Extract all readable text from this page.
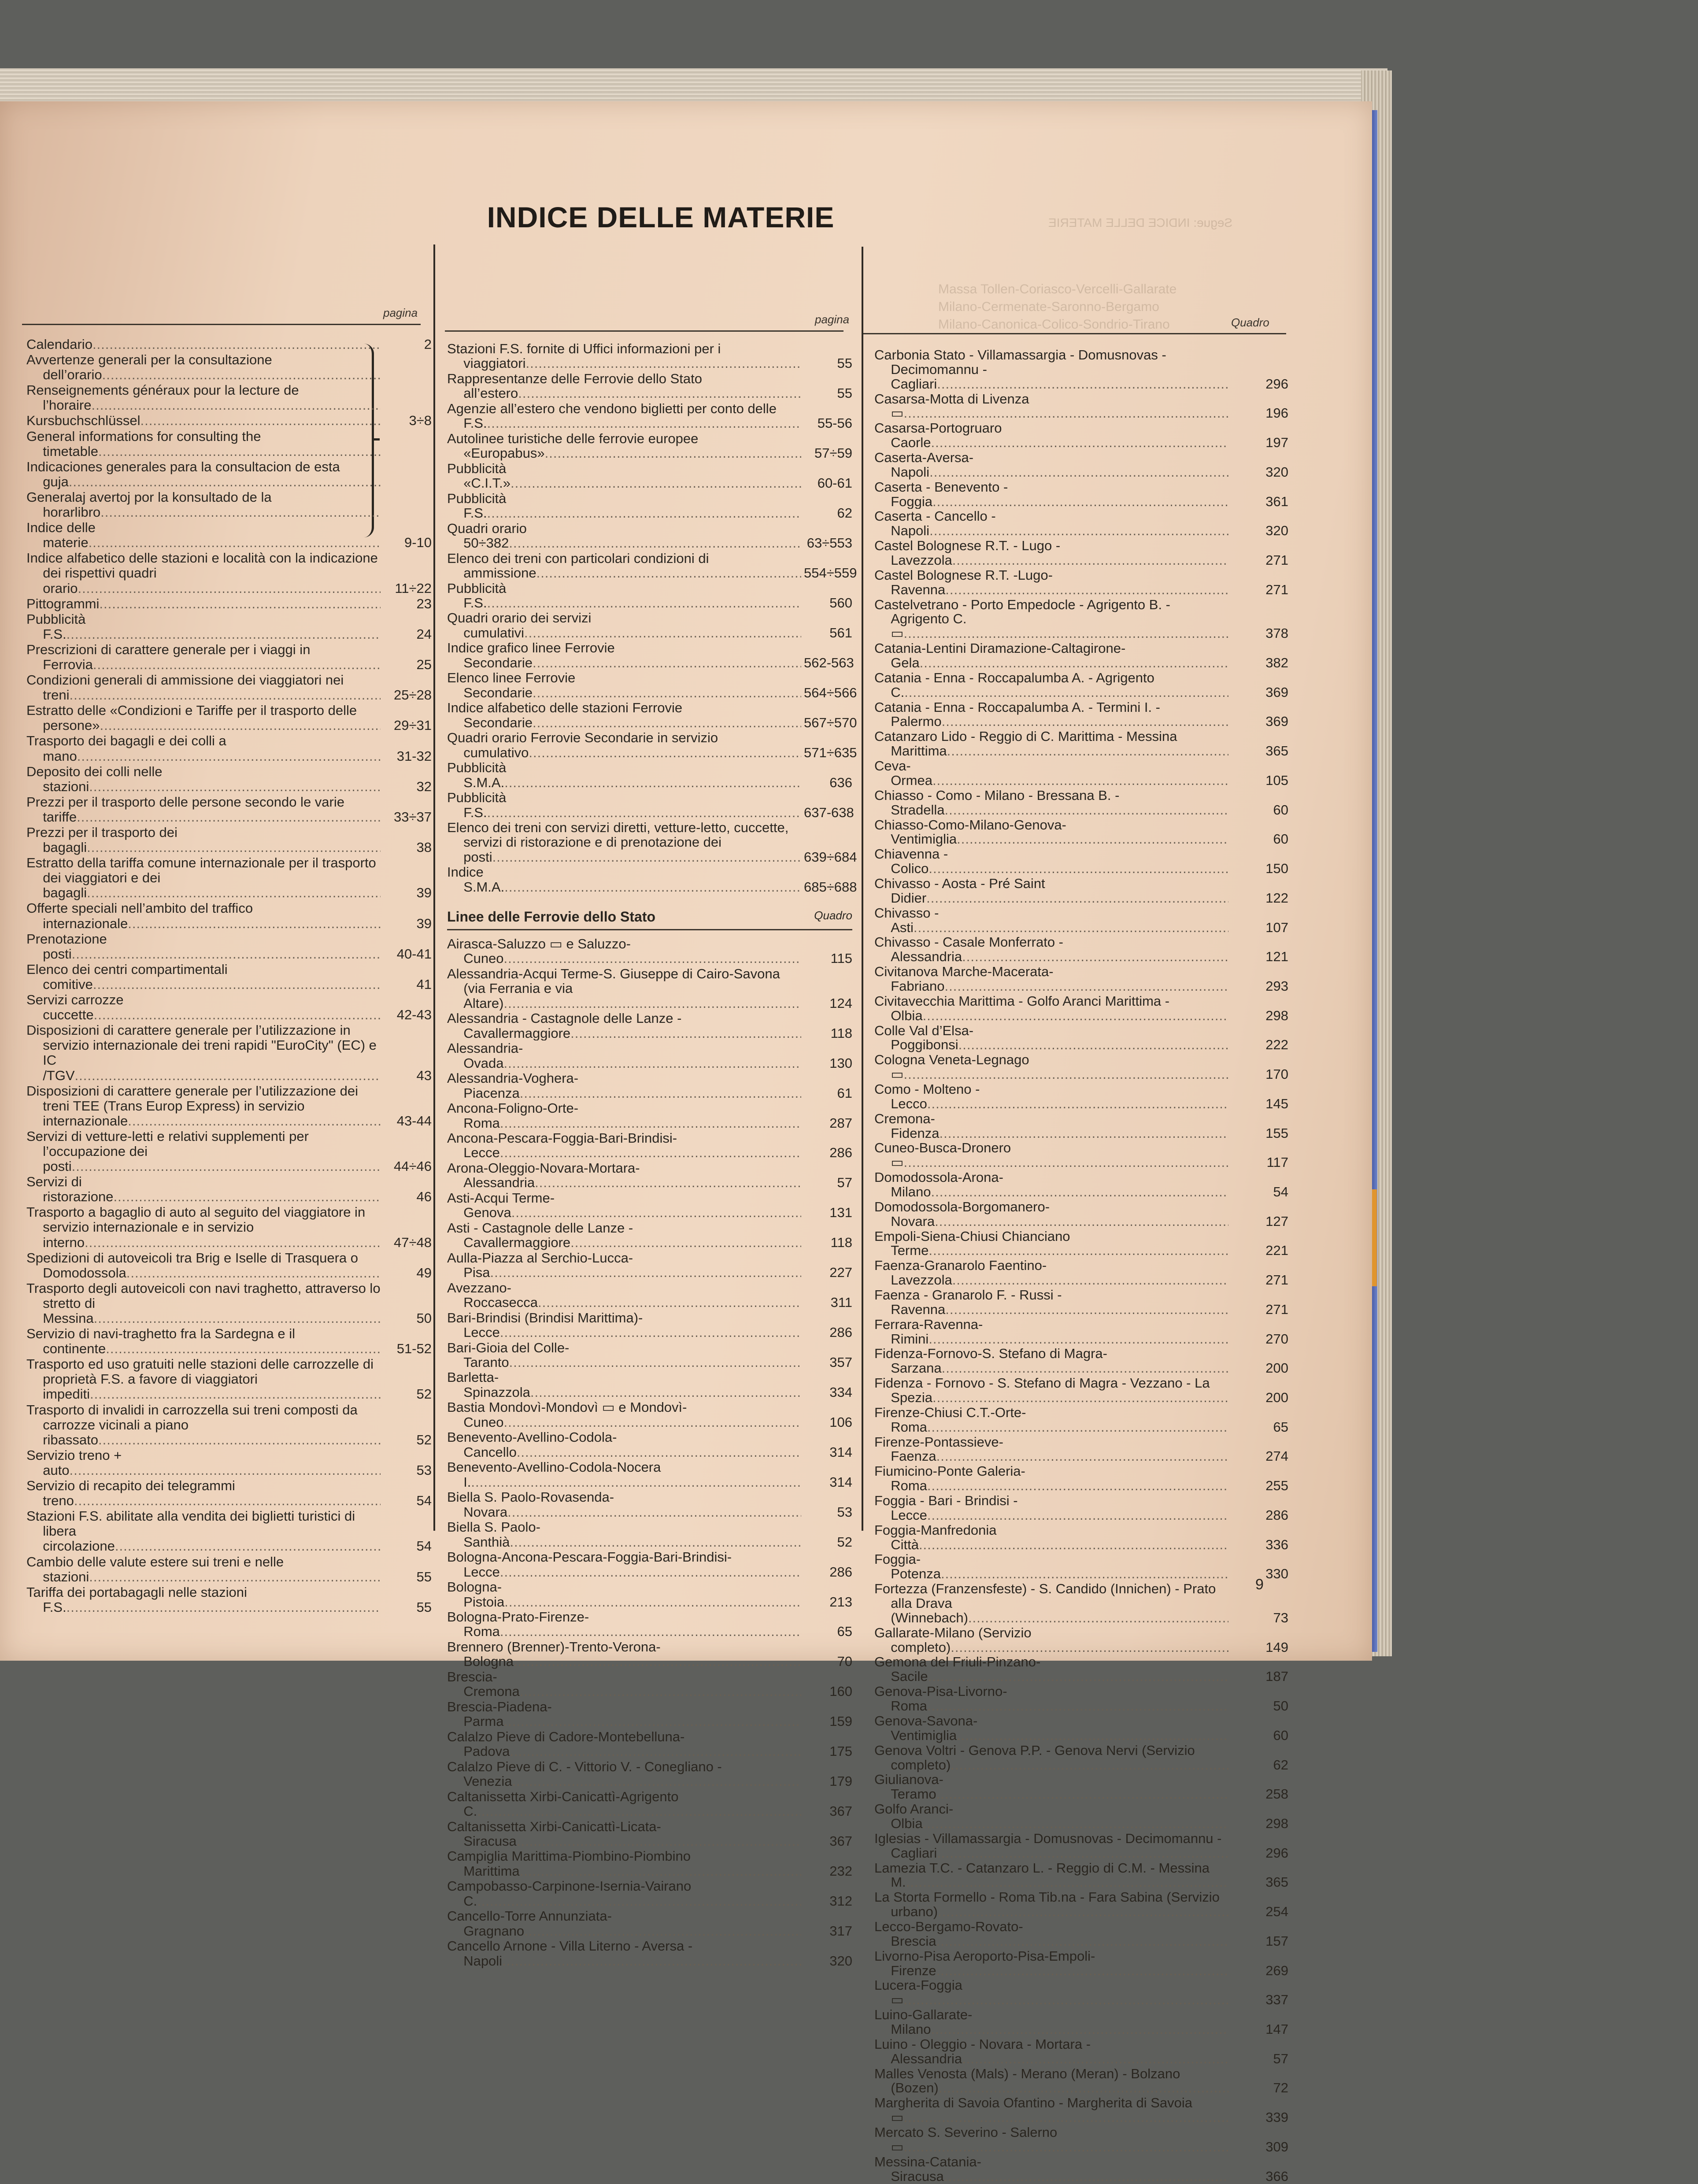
Segue: INDICE DELLE MATERIE
Massa Tollen-Coriasco-Vercelli-Gallarate
Milano-Cermenate-Saronno-Bergamo
Milano-Canonica-Colico-Sondrio-Tirano
INDICE DELLE MATERIE
pagina	pagina	Quadro
Calendario .....	2
Avvertenze generali per la consultazione dell’orario .....
Renseignements généraux pour la lecture de l’horaire .....
Kursbuchschlüssel .....	3÷8
General informations for consulting the timetable .....
Indicaciones generales para la consultacion de esta guja .....
Generalaj avertoj por la konsultado de la horarlibro .....
Indice delle materie .....	9-10
Indice alfabetico delle stazioni e località con la indicazione dei rispettivi quadri orario .....	11÷22
Pittogrammi .....	23
Pubblicità F.S. .....	24
Prescrizioni di carattere generale per i viaggi in Ferrovia .....	25
Condizioni generali di ammissione dei viaggiatori nei treni .....	25÷28
Estratto delle «Condizioni e Tariffe per il trasporto delle persone» .....	29÷31
Trasporto dei bagagli e dei colli a mano .....	31-32
Deposito dei colli nelle stazioni .....	32
Prezzi per il trasporto delle persone secondo le varie tariffe .....	33÷37
Prezzi per il trasporto dei bagagli .....	38
Estratto della tariffa comune internazionale per il trasporto dei viaggiatori e dei bagagli .....	39
Offerte speciali nell’ambito del traffico internazionale .....	39
Prenotazione posti .....	40-41
Elenco dei centri compartimentali comitive .....	41
Servizi carrozze cuccette .....	42-43
Disposizioni di carattere generale per l’utilizzazione in servizio internazionale dei treni rapidi "EuroCity" (EC) e IC /TGV .....	43
Disposizioni di carattere generale per l’utilizzazione dei treni TEE (Trans Europ Express) in servizio internazionale .....	43-44
Servizi di vetture-letti e relativi supplementi per l’occupazione dei posti .....	44÷46
Servizi di ristorazione .....	46
Trasporto a bagaglio di auto al seguito del viaggiatore in servizio internazionale e in servizio interno .....	47÷48
Spedizioni di autoveicoli tra Brig e Iselle di Trasquera o Domodossola .....	49
Trasporto degli autoveicoli con navi traghetto, attraverso lo stretto di Messina .....	50
Servizio di navi-traghetto fra la Sardegna e il continente .....	51-52
Trasporto ed uso gratuiti nelle stazioni delle carrozzelle di proprietà F.S. a favore di viaggiatori impediti .....	52
Trasporto di invalidi in carrozzella sui treni composti da carrozze vicinali a piano ribassato .....	52
Servizio treno + auto .....	53
Servizio di recapito dei telegrammi treno .....	54
Stazioni F.S. abilitate alla vendita dei biglietti turistici di libera circolazione .....	54
Cambio delle valute estere sui treni e nelle stazioni .....	55
Tariffa dei portabagagli nelle stazioni F.S. .....	55
Stazioni F.S. fornite di Uffici informazioni per i viaggiatori .....	55
Rappresentanze delle Ferrovie dello Stato all’estero .....	55
Agenzie all’estero che vendono biglietti per conto delle F.S. .....	55-56
Autolinee turistiche delle ferrovie europee «Europabus» .....	57÷59
Pubblicità «C.I.T.» .....	60-61
Pubblicità F.S. .....	62
Quadri orario 50÷382 .....	63÷553
Elenco dei treni con particolari condizioni di ammissione .....	554÷559
Pubblicità F.S. .....	560
Quadri orario dei servizi cumulativi .....	561
Indice grafico linee Ferrovie Secondarie .....	562-563
Elenco linee Ferrovie Secondarie .....	564÷566
Indice alfabetico delle stazioni Ferrovie Secondarie .....	567÷570
Quadri orario Ferrovie Secondarie in servizio cumulativo .....	571÷635
Pubblicità S.M.A. .....	636
Pubblicità F.S. .....	637-638
Elenco dei treni con servizi diretti, vetture-letto, cuccette, servizi di ristorazione e di prenotazione dei posti .....	639÷684
Indice S.M.A. .....	685÷688
Linee delle Ferrovie dello Stato	Quadro
Airasca-Saluzzo ▭ e Saluzzo-Cuneo .....	115
Alessandria-Acqui Terme-S. Giuseppe di Cairo-Savona (via Ferrania e via Altare) .....	124
Alessandria - Castagnole delle Lanze - Cavallermaggiore .....	118
Alessandria-Ovada .....	130
Alessandria-Voghera-Piacenza .....	61
Ancona-Foligno-Orte-Roma .....	287
Ancona-Pescara-Foggia-Bari-Brindisi-Lecce .....	286
Arona-Oleggio-Novara-Mortara-Alessandria .....	57
Asti-Acqui Terme-Genova .....	131
Asti - Castagnole delle Lanze - Cavallermaggiore .....	118
Aulla-Piazza al Serchio-Lucca-Pisa .....	227
Avezzano-Roccasecca .....	311
Bari-Brindisi (Brindisi Marittima)-Lecce .....	286
Bari-Gioia del Colle-Taranto .....	357
Barletta-Spinazzola .....	334
Bastia Mondovì-Mondovì ▭ e Mondovì-Cuneo .....	106
Benevento-Avellino-Codola-Cancello .....	314
Benevento-Avellino-Codola-Nocera I. .....	314
Biella S. Paolo-Rovasenda-Novara .....	53
Biella S. Paolo-Santhià .....	52
Bologna-Ancona-Pescara-Foggia-Bari-Brindisi-Lecce .....	286
Bologna-Pistoia .....	213
Bologna-Prato-Firenze-Roma .....	65
Brennero (Brenner)-Trento-Verona-Bologna .....	70
Brescia-Cremona .....	160
Brescia-Piadena-Parma .....	159
Calalzo Pieve di Cadore-Montebelluna-Padova .....	175
Calalzo Pieve di C. - Vittorio V. - Conegliano - Venezia .....	179
Caltanissetta Xirbi-Canicattì-Agrigento C. .....	367
Caltanissetta Xirbi-Canicattì-Licata-Siracusa .....	367
Campiglia Marittima-Piombino-Piombino Marittima .....	232
Campobasso-Carpinone-Isernia-Vairano C. .....	312
Cancello-Torre Annunziata-Gragnano .....	317
Cancello Arnone - Villa Literno - Aversa - Napoli .....	320
Carbonia Stato - Villamassargia - Domusnovas - Decimomannu - Cagliari .....	296
Casarsa-Motta di Livenza ▭ .....	196
Casarsa-Portogruaro Caorle .....	197
Caserta-Aversa-Napoli .....	320
Caserta - Benevento - Foggia .....	361
Caserta - Cancello - Napoli .....	320
Castel Bolognese R.T. - Lugo - Lavezzola .....	271
Castel Bolognese R.T. -Lugo-Ravenna .....	271
Castelvetrano - Porto Empedocle - Agrigento B. - Agrigento C. ▭ .....	378
Catania-Lentini Diramazione-Caltagirone-Gela .....	382
Catania - Enna - Roccapalumba A. - Agrigento C. .....	369
Catania - Enna - Roccapalumba A. - Termini I. - Palermo .....	369
Catanzaro Lido - Reggio di C. Marittima - Messina Marittima .....	365
Ceva-Ormea .....	105
Chiasso - Como - Milano - Bressana B. - Stradella .....	60
Chiasso-Como-Milano-Genova-Ventimiglia .....	60
Chiavenna - Colico .....	150
Chivasso - Aosta - Pré Saint Didier .....	122
Chivasso - Asti .....	107
Chivasso - Casale Monferrato - Alessandria .....	121
Civitanova Marche-Macerata-Fabriano .....	293
Civitavecchia Marittima - Golfo Aranci Marittima - Olbia .....	298
Colle Val d’Elsa-Poggibonsi .....	222
Cologna Veneta-Legnago ▭ .....	170
Como - Molteno - Lecco .....	145
Cremona-Fidenza .....	155
Cuneo-Busca-Dronero ▭ .....	117
Domodossola-Arona-Milano .....	54
Domodossola-Borgomanero-Novara .....	127
Empoli-Siena-Chiusi Chianciano Terme .....	221
Faenza-Granarolo Faentino-Lavezzola .....	271
Faenza - Granarolo F. - Russi - Ravenna .....	271
Ferrara-Ravenna-Rimini .....	270
Fidenza-Fornovo-S. Stefano di Magra-Sarzana .....	200
Fidenza - Fornovo - S. Stefano di Magra - Vezzano - La Spezia .....	200
Firenze-Chiusi C.T.-Orte-Roma .....	65
Firenze-Pontassieve-Faenza .....	274
Fiumicino-Ponte Galeria-Roma .....	255
Foggia - Bari - Brindisi - Lecce .....	286
Foggia-Manfredonia Città .....	336
Foggia-Potenza .....	330
Fortezza (Franzensfeste) - S. Candido (Innichen) - Prato alla Drava (Winnebach) .....	73
Gallarate-Milano (Servizio completo) .....	149
Gemona del Friuli-Pinzano-Sacile .....	187
Genova-Pisa-Livorno-Roma .....	50
Genova-Savona-Ventimiglia .....	60
Genova Voltri - Genova P.P. - Genova Nervi (Servizio completo) .....	62
Giulianova-Teramo .....	258
Golfo Aranci-Olbia .....	298
Iglesias - Villamassargia - Domusnovas - Decimomannu - Cagliari .....	296
Lamezia T.C. - Catanzaro L. - Reggio di C.M. - Messina M. .....	365
La Storta Formello - Roma Tib.na - Fara Sabina (Servizio urbano) .....	254
Lecco-Bergamo-Rovato-Brescia .....	157
Livorno-Pisa Aeroporto-Pisa-Empoli-Firenze .....	269
Lucera-Foggia ▭ .....	337
Luino-Gallarate-Milano .....	147
Luino - Oleggio - Novara - Mortara - Alessandria .....	57
Malles Venosta (Mals) - Merano (Meran) - Bolzano (Bozen) .....	72
Margherita di Savoia Ofantino - Margherita di Savoia ▭ .....	339
Mercato S. Severino - Salerno ▭ .....	309
Messina-Catania-Siracusa .....	366
9
